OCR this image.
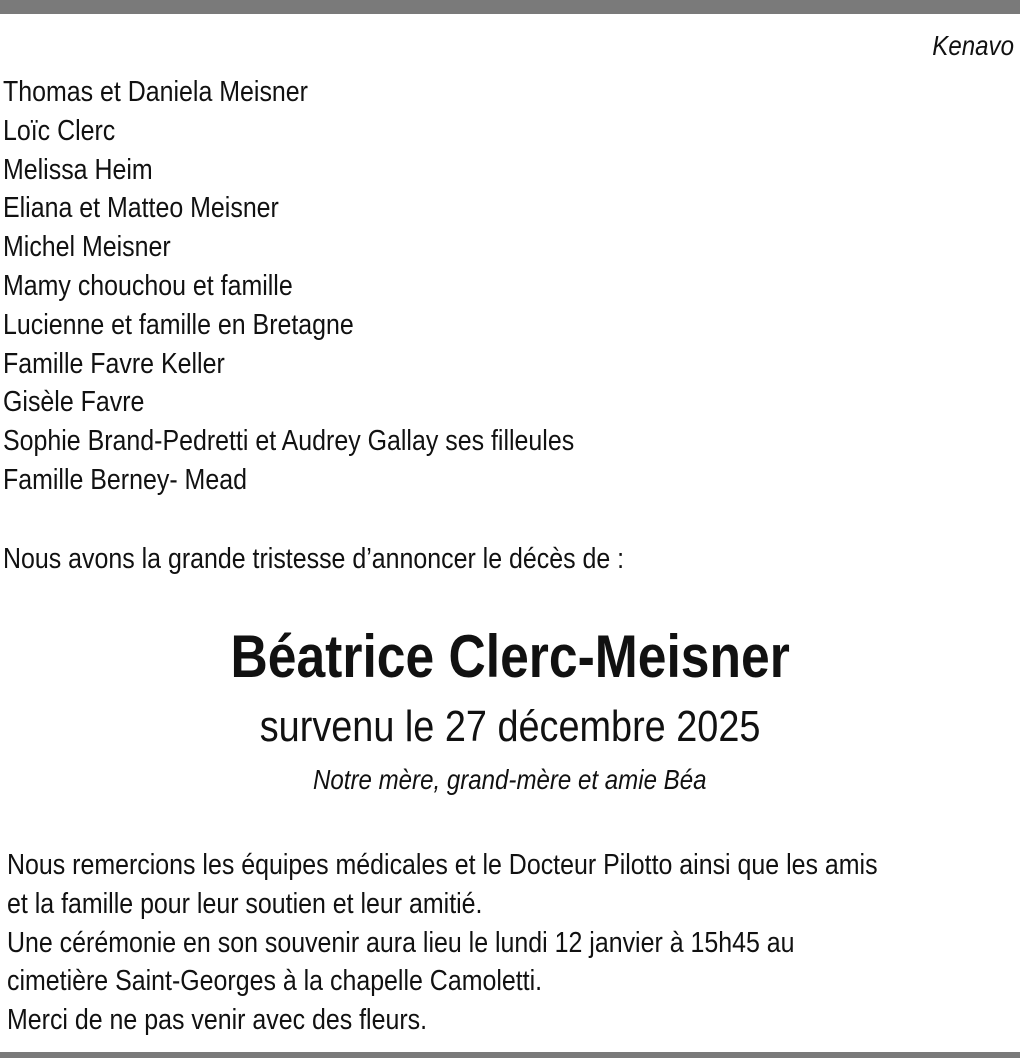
Kenavo
Thomas et Daniela Meisner
Loïc Clerc
Melissa Heim
Eliana et Matteo Meisner
Michel Meisner
Mamy chouchou et famille
Lucienne et famille en Bretagne
Famille Favre Keller
Gisèle Favre
Sophie Brand-Pedretti et Audrey Gallay ses filleules
Famille Berney- Mead
Nous avons la grande tristesse d’annoncer le décès de :
Béatrice Clerc-Meisner
survenu le 27 décembre 2025
Notre mère, grand-mère et amie Béa
Nous remercions les équipes médicales et le Docteur Pilotto ainsi que les amis
et la famille pour leur soutien et leur amitié.
Une cérémonie en son souvenir aura lieu le lundi 12 janvier à 15h45 au
cimetière Saint-Georges à la chapelle Camoletti.
Merci de ne pas venir avec des fleurs.
